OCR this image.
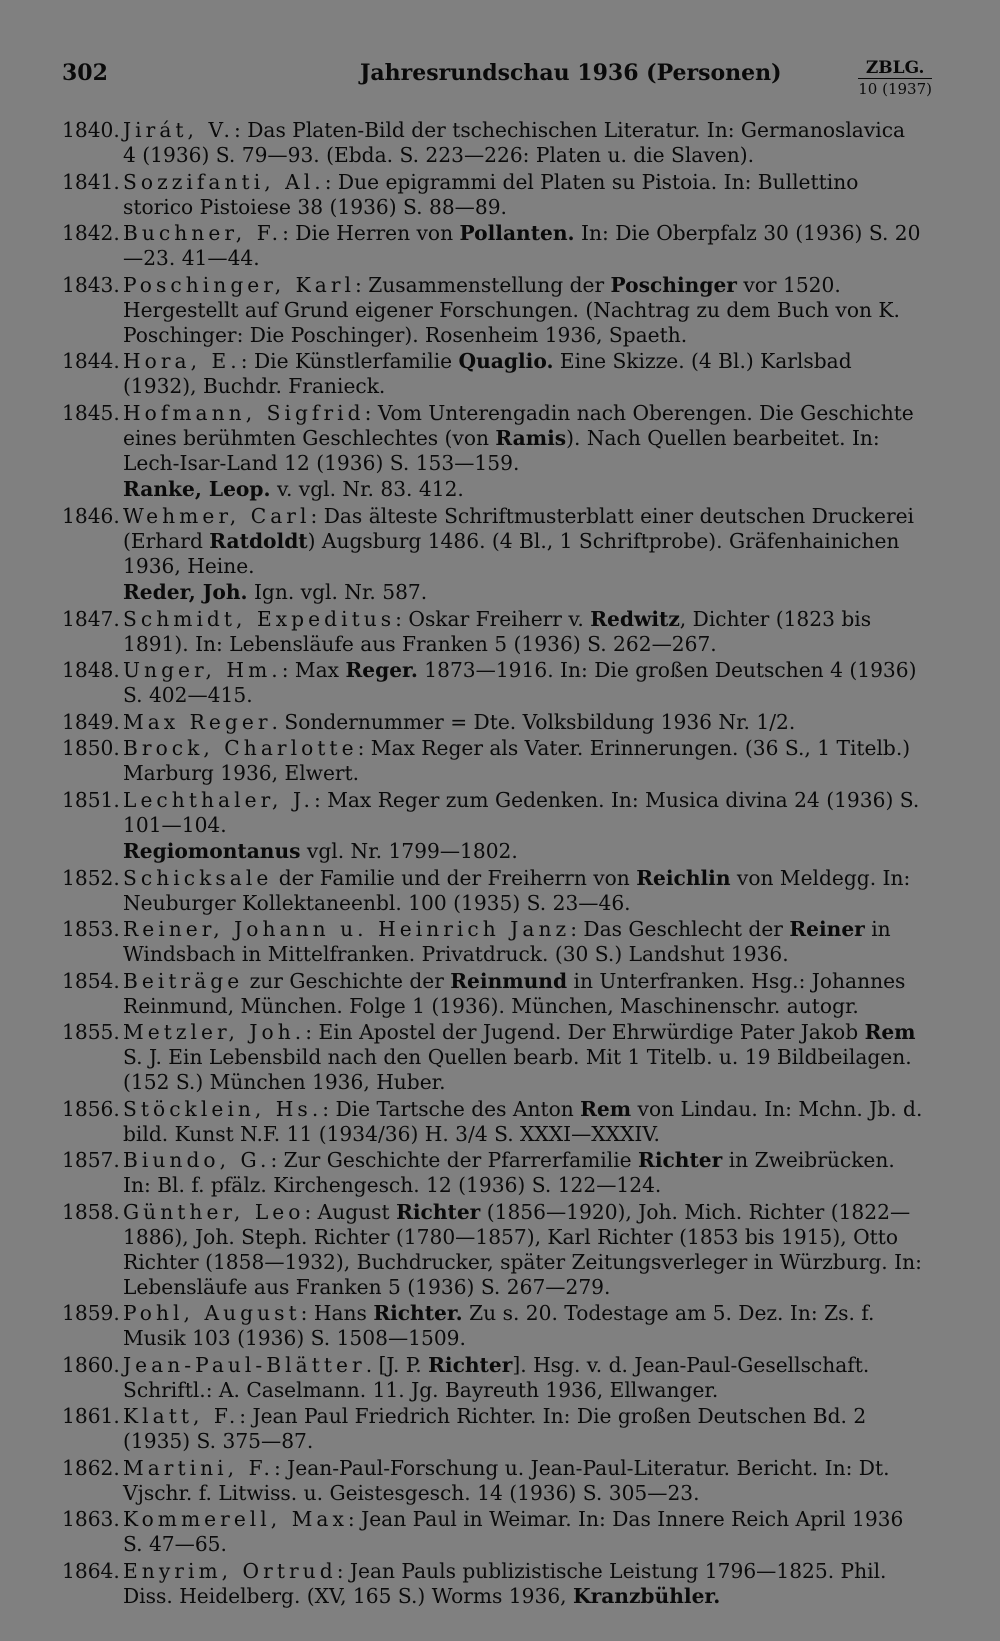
302	Jahresrundschau 1936 (Personen)	ZBLG.
10 (1937)
1840. Jirát, V.: Das Platen-Bild der tschechischen Literatur. In: Germanoslavica 4 (1936) S. 79—93. (Ebda. S. 223—226: Platen u. die Slaven).
1841. Sozzifanti, Al.: Due epigrammi del Platen su Pistoia. In: Bullettino storico Pistoiese 38 (1936) S. 88—89.
1842. Buchner, F.: Die Herren von Pollanten. In: Die Oberpfalz 30 (1936) S. 20—23. 41—44.
1843. Poschinger, Karl: Zusammenstellung der Poschinger vor 1520. Hergestellt auf Grund eigener Forschungen. (Nachtrag zu dem Buch von K. Poschinger: Die Poschinger). Rosenheim 1936, Spaeth.
1844. Hora, E.: Die Künstlerfamilie Quaglio. Eine Skizze. (4 Bl.) Karlsbad (1932), Buchdr. Franieck.
1845. Hofmann, Sigfrid: Vom Unterengadin nach Oberengen. Die Geschichte eines berühmten Geschlechtes (von Ramis). Nach Quellen bearbeitet. In: Lech-Isar-Land 12 (1936) S. 153—159.
Ranke, Leop. v. vgl. Nr. 83. 412.
1846. Wehmer, Carl: Das älteste Schriftmusterblatt einer deutschen Druckerei (Erhard Ratdoldt) Augsburg 1486. (4 Bl., 1 Schriftprobe). Gräfenhainichen 1936, Heine.
Reder, Joh. Ign. vgl. Nr. 587.
1847. Schmidt, Expeditus: Oskar Freiherr v. Redwitz, Dichter (1823 bis 1891). In: Lebensläufe aus Franken 5 (1936) S. 262—267.
1848. Unger, Hm.: Max Reger. 1873—1916. In: Die großen Deutschen 4 (1936) S. 402—415.
1849. Max Reger. Sondernummer = Dte. Volksbildung 1936 Nr. 1/2.
1850. Brock, Charlotte: Max Reger als Vater. Erinnerungen. (36 S., 1 Titelb.) Marburg 1936, Elwert.
1851. Lechthaler, J.: Max Reger zum Gedenken. In: Musica divina 24 (1936) S. 101—104.
Regiomontanus vgl. Nr. 1799—1802.
1852. Schicksale der Familie und der Freiherrn von Reichlin von Meldegg. In: Neuburger Kollektaneenbl. 100 (1935) S. 23—46.
1853. Reiner, Johann u. Heinrich Janz: Das Geschlecht der Reiner in Windsbach in Mittelfranken. Privatdruck. (30 S.) Landshut 1936.
1854. Beiträge zur Geschichte der Reinmund in Unterfranken. Hsg.: Johannes Reinmund, München. Folge 1 (1936). München, Maschinenschr. autogr.
1855. Metzler, Joh.: Ein Apostel der Jugend. Der Ehrwürdige Pater Jakob Rem S. J. Ein Lebensbild nach den Quellen bearb. Mit 1 Titelb. u. 19 Bildbeilagen. (152 S.) München 1936, Huber.
1856. Stöcklein, Hs.: Die Tartsche des Anton Rem von Lindau. In: Mchn. Jb. d. bild. Kunst N.F. 11 (1934/36) H. 3/4 S. XXXI—XXXIV.
1857. Biundo, G.: Zur Geschichte der Pfarrerfamilie Richter in Zweibrücken. In: Bl. f. pfälz. Kirchengesch. 12 (1936) S. 122—124.
1858. Günther, Leo: August Richter (1856—1920), Joh. Mich. Richter (1822—1886), Joh. Steph. Richter (1780—1857), Karl Richter (1853 bis 1915), Otto Richter (1858—1932), Buchdrucker, später Zeitungsverleger in Würzburg. In: Lebensläufe aus Franken 5 (1936) S. 267—279.
1859. Pohl, August: Hans Richter. Zu s. 20. Todestage am 5. Dez. In: Zs. f. Musik 103 (1936) S. 1508—1509.
1860. Jean-Paul-Blätter. [J. P. Richter]. Hsg. v. d. Jean-Paul-Gesellschaft. Schriftl.: A. Caselmann. 11. Jg. Bayreuth 1936, Ellwanger.
1861. Klatt, F.: Jean Paul Friedrich Richter. In: Die großen Deutschen Bd. 2 (1935) S. 375—87.
1862. Martini, F.: Jean-Paul-Forschung u. Jean-Paul-Literatur. Bericht. In: Dt. Vjschr. f. Litwiss. u. Geistesgesch. 14 (1936) S. 305—23.
1863. Kommerell, Max: Jean Paul in Weimar. In: Das Innere Reich April 1936 S. 47—65.
1864. Enyrim, Ortrud: Jean Pauls publizistische Leistung 1796—1825. Phil. Diss. Heidelberg. (XV, 165 S.) Worms 1936, Kranzbühler.
